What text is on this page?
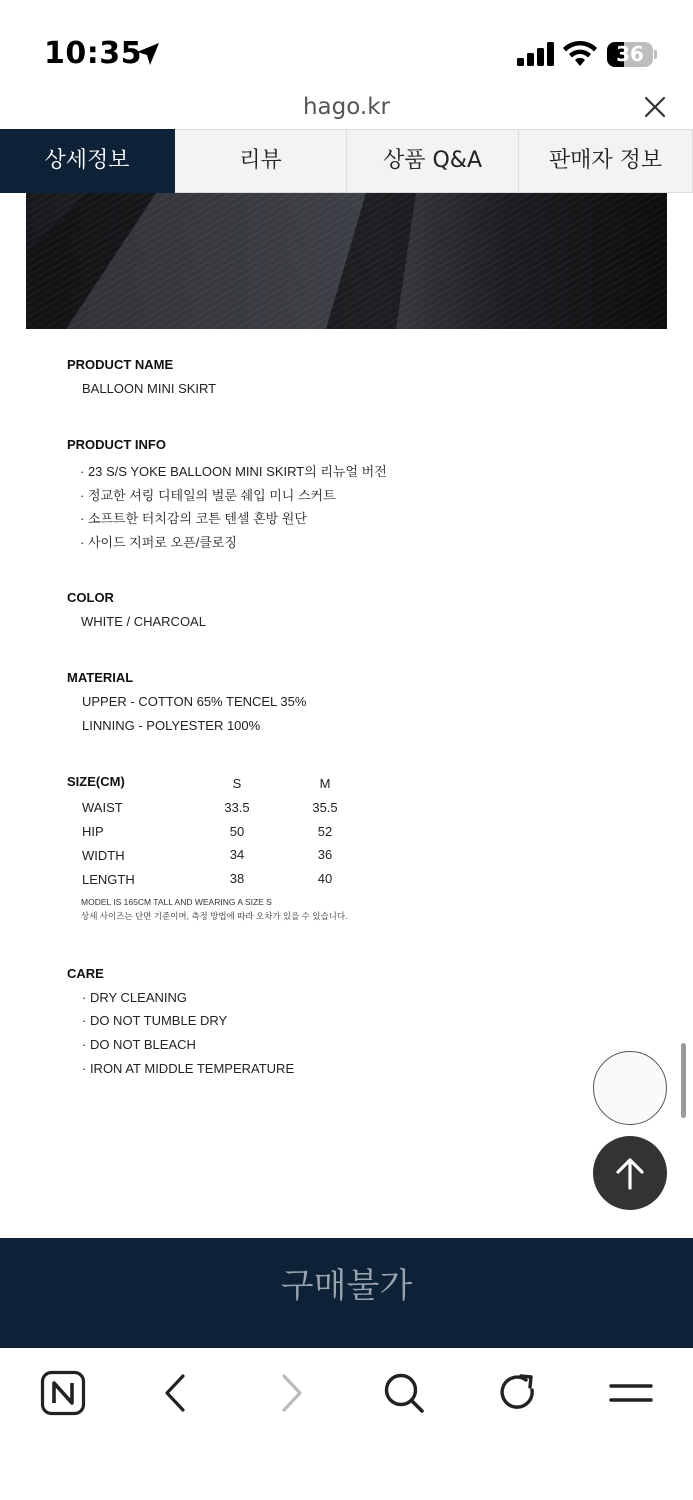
10:35	36
hago.kr
상세정보	리뷰	상품 Q&A	판매자 정보
PRODUCT NAME
BALLOON MINI SKIRT
PRODUCT INFO
· 23 S/S YOKE BALLOON MINI SKIRT의 리뉴얼 버전
· 정교한 셔링 디테일의 벌룬 쉐입 미니 스커트
· 소프트한 터치감의 코튼 텐셀 혼방 원단
· 사이드 지퍼로 오픈/클로징
COLOR
WHITE / CHARCOAL
MATERIAL
UPPER - COTTON 65% TENCEL 35%
LINNING - POLYESTER 100%
SIZE(CM)	S	M
WAIST	33.5	35.5
HIP	50	52
WIDTH	34	36
LENGTH	38	40
MODEL IS 165CM TALL AND WEARING A SIZE S
상세 사이즈는 단면 기준이며, 측정 방법에 따라 오차가 있을 수 있습니다.
CARE
· DRY CLEANING
· DO NOT TUMBLE DRY
· DO NOT BLEACH
· IRON AT MIDDLE TEMPERATURE
구매불가
